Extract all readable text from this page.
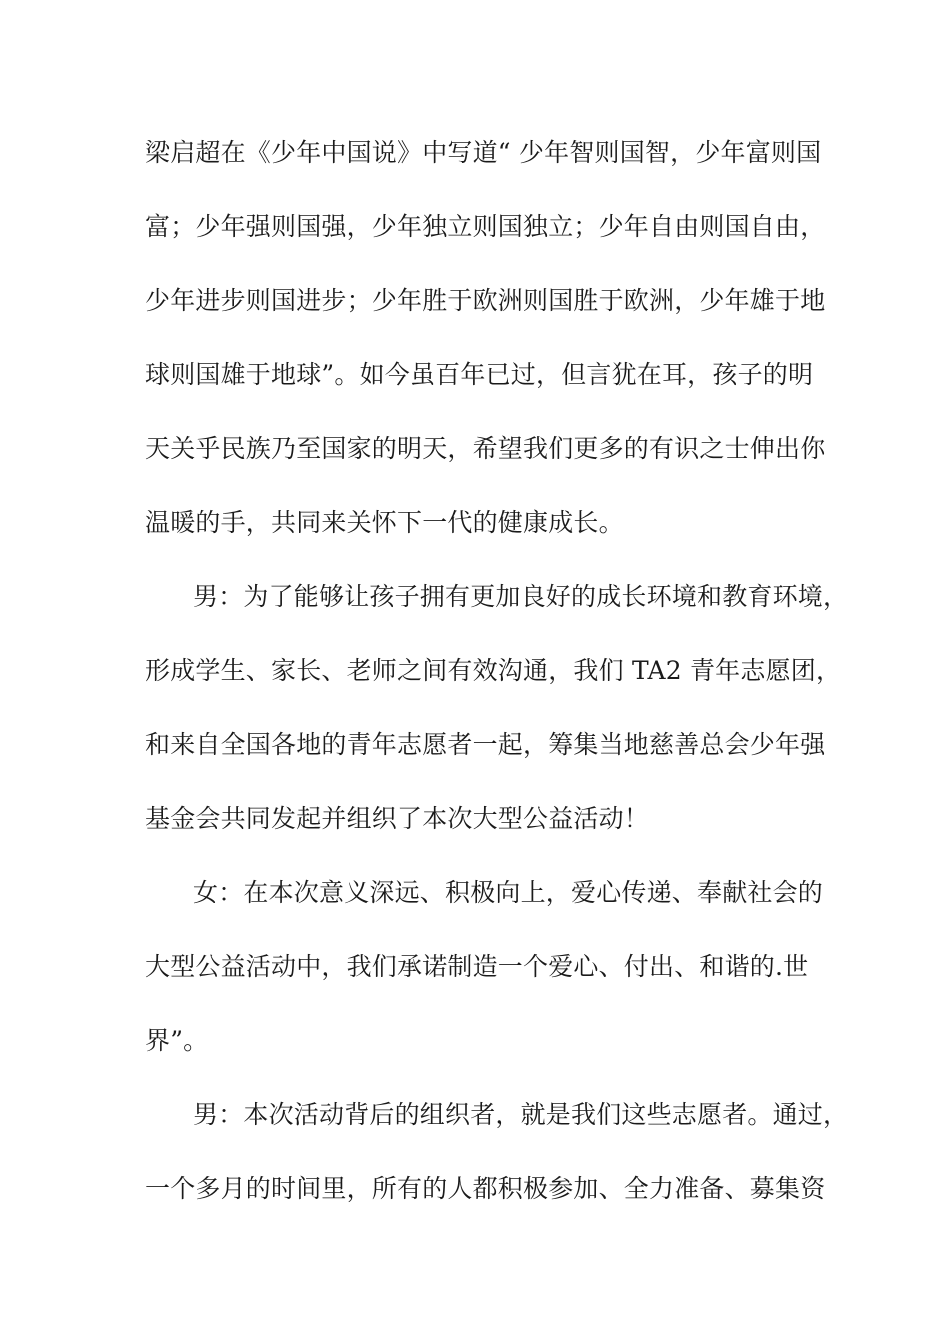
梁启超在《少年中国说》中写道“ 少年智则国智，少年富则国
富；少年强则国强，少年独立则国独立；少年自由则国自由，
少年进步则国进步；少年胜于欧洲则国胜于欧洲，少年雄于地
球则国雄于地球”。如今虽百年已过，但言犹在耳，孩子的明
天关乎民族乃至国家的明天，希望我们更多的有识之士伸出你
温暖的手，共同来关怀下一代的健康成长。
男：为了能够让孩子拥有更加良好的成长环境和教育环境，
形成学生、家长、老师之间有效沟通，我们 TA2 青年志愿团，
和来自全国各地的青年志愿者一起，筹集当地慈善总会少年强
基金会共同发起并组织了本次大型公益活动！
女：在本次意义深远、积极向上，爱心传递、奉献社会的
大型公益活动中，我们承诺制造一个爱心、付出、和谐的.世
界”。
男：本次活动背后的组织者，就是我们这些志愿者。通过，
一个多月的时间里，所有的人都积极参加、全力准备、募集资
